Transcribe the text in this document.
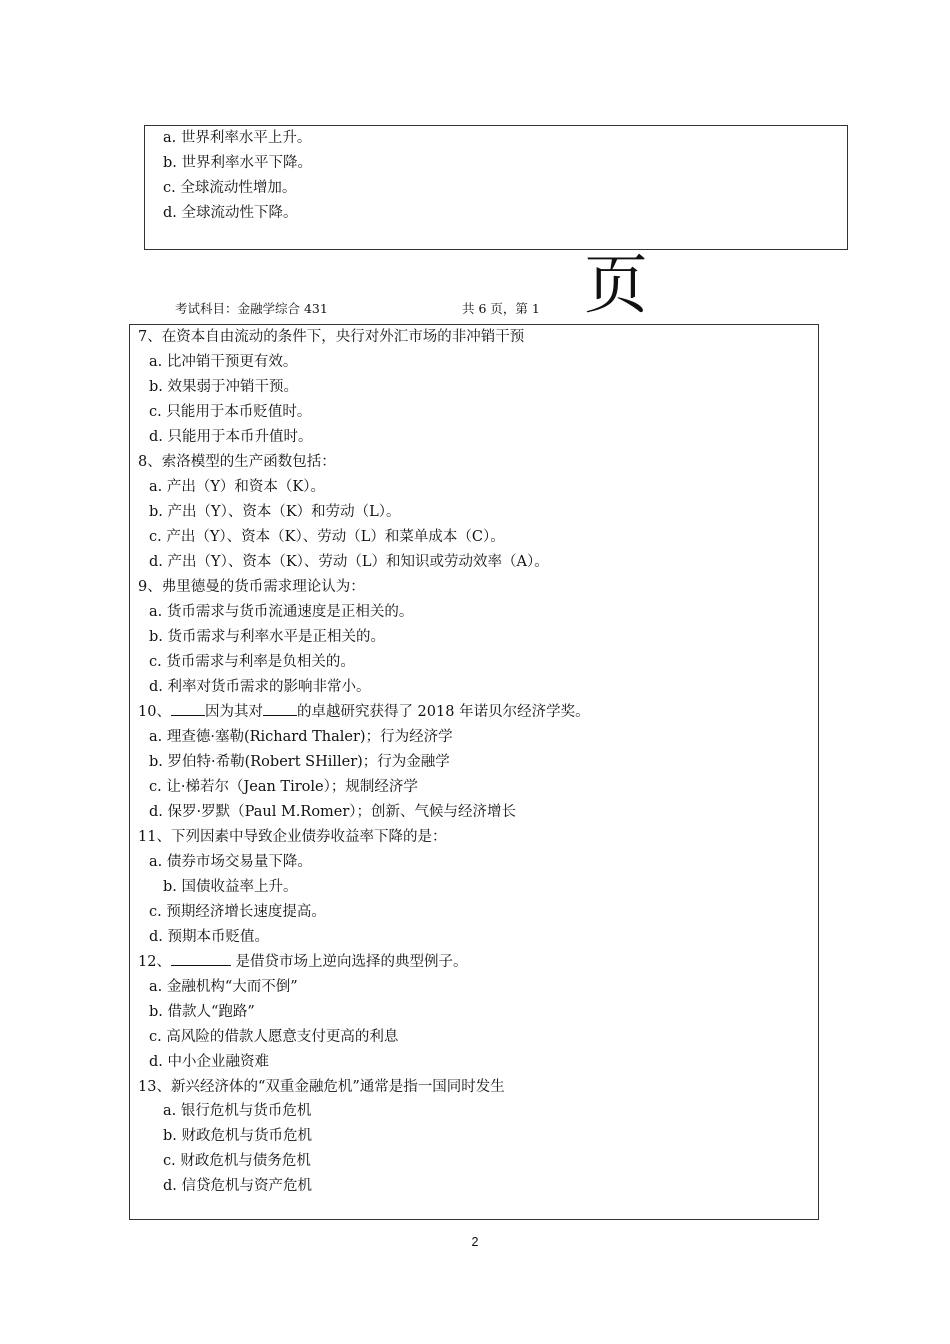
a. 世界利率水平上升。
b. 世界利率水平下降。
c. 全球流动性增加。
d. 全球流动性下降。
考试科目：金融学综合 431	共 6 页，第 1 页
7、在资本自由流动的条件下，央行对外汇市场的非冲销干预
a. 比冲销干预更有效。
b. 效果弱于冲销干预。
c. 只能用于本币贬值时。
d. 只能用于本币升值时。
8、索洛模型的生产函数包括：
a. 产出（Y）和资本（K）。
b. 产出（Y）、资本（K）和劳动（L）。
c. 产出（Y）、资本（K）、劳动（L）和菜单成本（C）。
d. 产出（Y）、资本（K）、劳动（L）和知识或劳动效率（A）。
9、弗里德曼的货币需求理论认为：
a. 货币需求与货币流通速度是正相关的。
b. 货币需求与利率水平是正相关的。
c. 货币需求与利率是负相关的。
d. 利率对货币需求的影响非常小。
10、 因为其对 的卓越研究获得了 2018 年诺贝尔经济学奖。
a. 理查德·塞勒(Richard Thaler)；行为经济学
b. 罗伯特·希勒(Robert SHiller)；行为金融学
c. 让·梯若尔（Jean Tirole）；规制经济学
d. 保罗·罗默（Paul M.Romer）；创新、气候与经济增长
11、下列因素中导致企业债券收益率下降的是：
a. 债券市场交易量下降。
b. 国债收益率上升。
c. 预期经济增长速度提高。
d. 预期本币贬值。
12、	是借贷市场上逆向选择的典型例子。
a. 金融机构“大而不倒”
b. 借款人“跑路”
c. 高风险的借款人愿意支付更高的利息
d. 中小企业融资难
13、新兴经济体的“双重金融危机”通常是指一国同时发生
a. 银行危机与货币危机
b. 财政危机与货币危机
c. 财政危机与债务危机
d. 信贷危机与资产危机
2
